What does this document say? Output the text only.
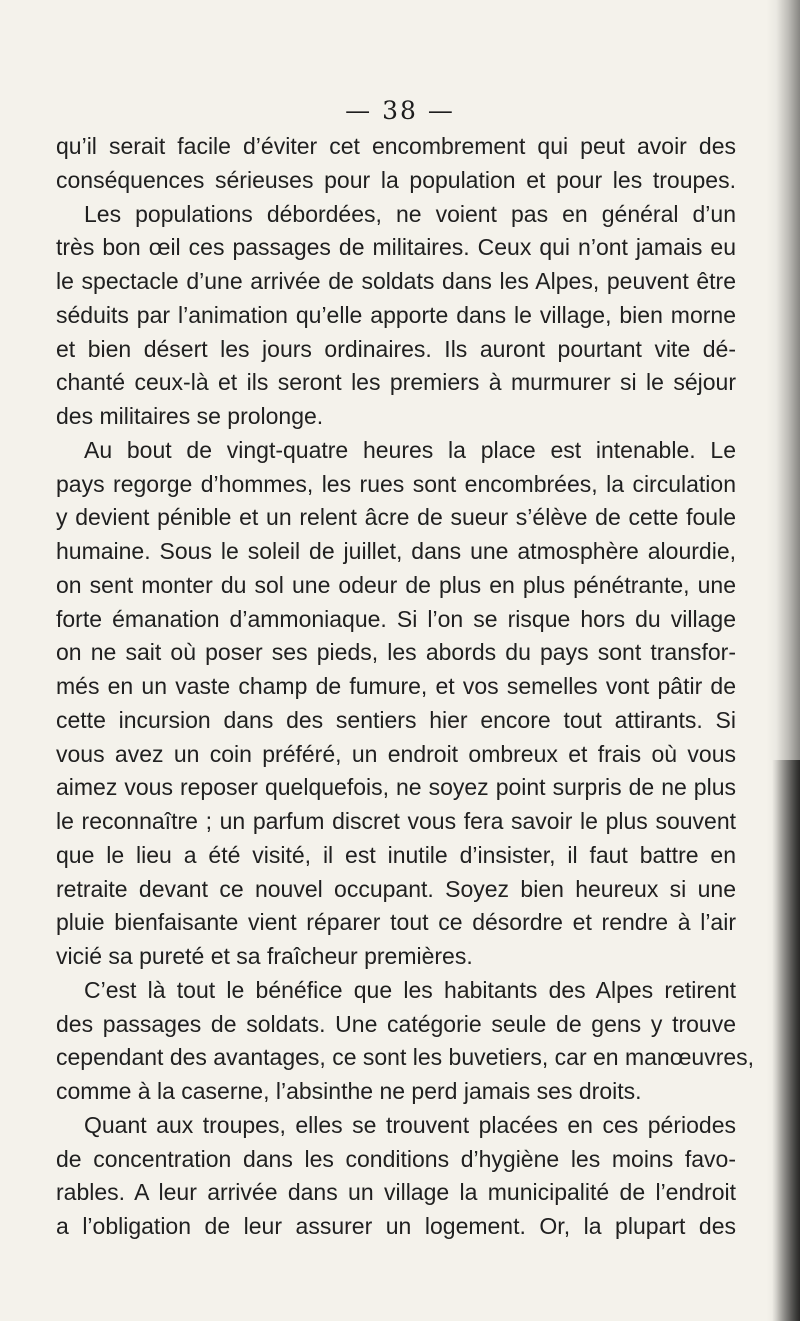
— 38 —
qu’il serait facile d’éviter cet encombrement qui peut avoir des
conséquences sérieuses pour la population et pour les troupes.
Les populations débordées, ne voient pas en général d’un
très bon œil ces passages de militaires. Ceux qui n’ont jamais eu
le spectacle d’une arrivée de soldats dans les Alpes, peuvent être
séduits par l’animation qu’elle apporte dans le village, bien morne
et bien désert les jours ordinaires. Ils auront pourtant vite dé-
chanté ceux-là et ils seront les premiers à murmurer si le séjour
des militaires se prolonge.
Au bout de vingt-quatre heures la place est intenable. Le
pays regorge d’hommes, les rues sont encombrées, la circulation
y devient pénible et un relent âcre de sueur s’élève de cette foule
humaine. Sous le soleil de juillet, dans une atmosphère alourdie,
on sent monter du sol une odeur de plus en plus pénétrante, une
forte émanation d’ammoniaque. Si l’on se risque hors du village
on ne sait où poser ses pieds, les abords du pays sont transfor-
més en un vaste champ de fumure, et vos semelles vont pâtir de
cette incursion dans des sentiers hier encore tout attirants. Si
vous avez un coin préféré, un endroit ombreux et frais où vous
aimez vous reposer quelquefois, ne soyez point surpris de ne plus
le reconnaître ; un parfum discret vous fera savoir le plus souvent
que le lieu a été visité, il est inutile d’insister, il faut battre en
retraite devant ce nouvel occupant. Soyez bien heureux si une
pluie bienfaisante vient réparer tout ce désordre et rendre à l’air
vicié sa pureté et sa fraîcheur premières.
C’est là tout le bénéfice que les habitants des Alpes retirent
des passages de soldats. Une catégorie seule de gens y trouve
cependant des avantages, ce sont les buvetiers, car en manœuvres,
comme à la caserne, l’absinthe ne perd jamais ses droits.
Quant aux troupes, elles se trouvent placées en ces périodes
de concentration dans les conditions d’hygiène les moins favo-
rables. A leur arrivée dans un village la municipalité de l’endroit
a l’obligation de leur assurer un logement. Or, la plupart des
